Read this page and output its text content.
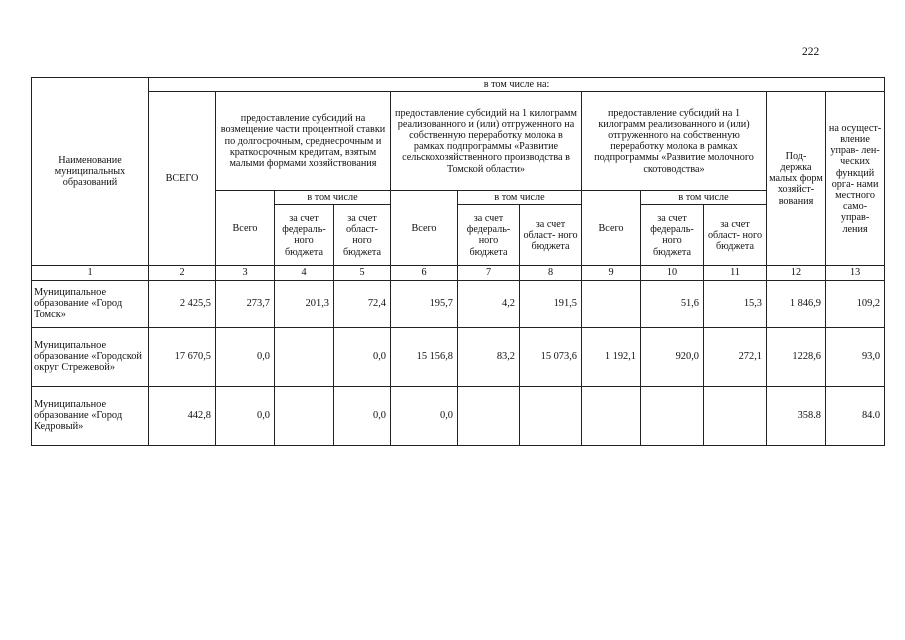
222
Наименование муниципальных образований	в том числе на:											
	ВСЕГО	предоставление субсидий на возмещение части процентной ставки по долгосрочным, среднесрочным и краткосрочным кредитам, взятым малыми формами хозяйствования			предоставление субсидий на 1 килограмм реализованного и (или) отгруженного на собственную переработку молока в рамках подпрограммы «Развитие сельскохозяйственного производства в Томской области»			предоставление субсидий на 1 килограмм реализованного и (или) отгруженного на собственную переработку молока в рамках подпрограммы «Развитие молочного скотоводства»			Под- держка малых форм хозяйст- вования	на осущест- вление управ- лен- ческих функций орга- нами местного само- управ- ления
		Всего	в том числе		Всего	в том числе		Всего	в том числе			
			за счет федераль- ного бюджета	за счет област- ного бюджета		за счет федераль- ного бюджета	за счет област- ного бюджета		за счет федераль- ного бюджета	за счет област- ного бюджета		
1	2	3	4	5	6	7	8	9	10	11	12	13
Муниципальное образование «Город Томск»	2 425,5	273,7	201,3	72,4	195,7	4,2	191,5		51,6	15,3	1 846,9	109,2
Муниципальное образование «Городской округ Стрежевой»	17 670,5	0,0		0,0	15 156,8	83,2	15 073,6	1 192,1	920,0	272,1	1228,6	93,0
Муниципальное образование «Город Кедровый»	442,8	0,0		0,0	0,0						358.8	84.0
